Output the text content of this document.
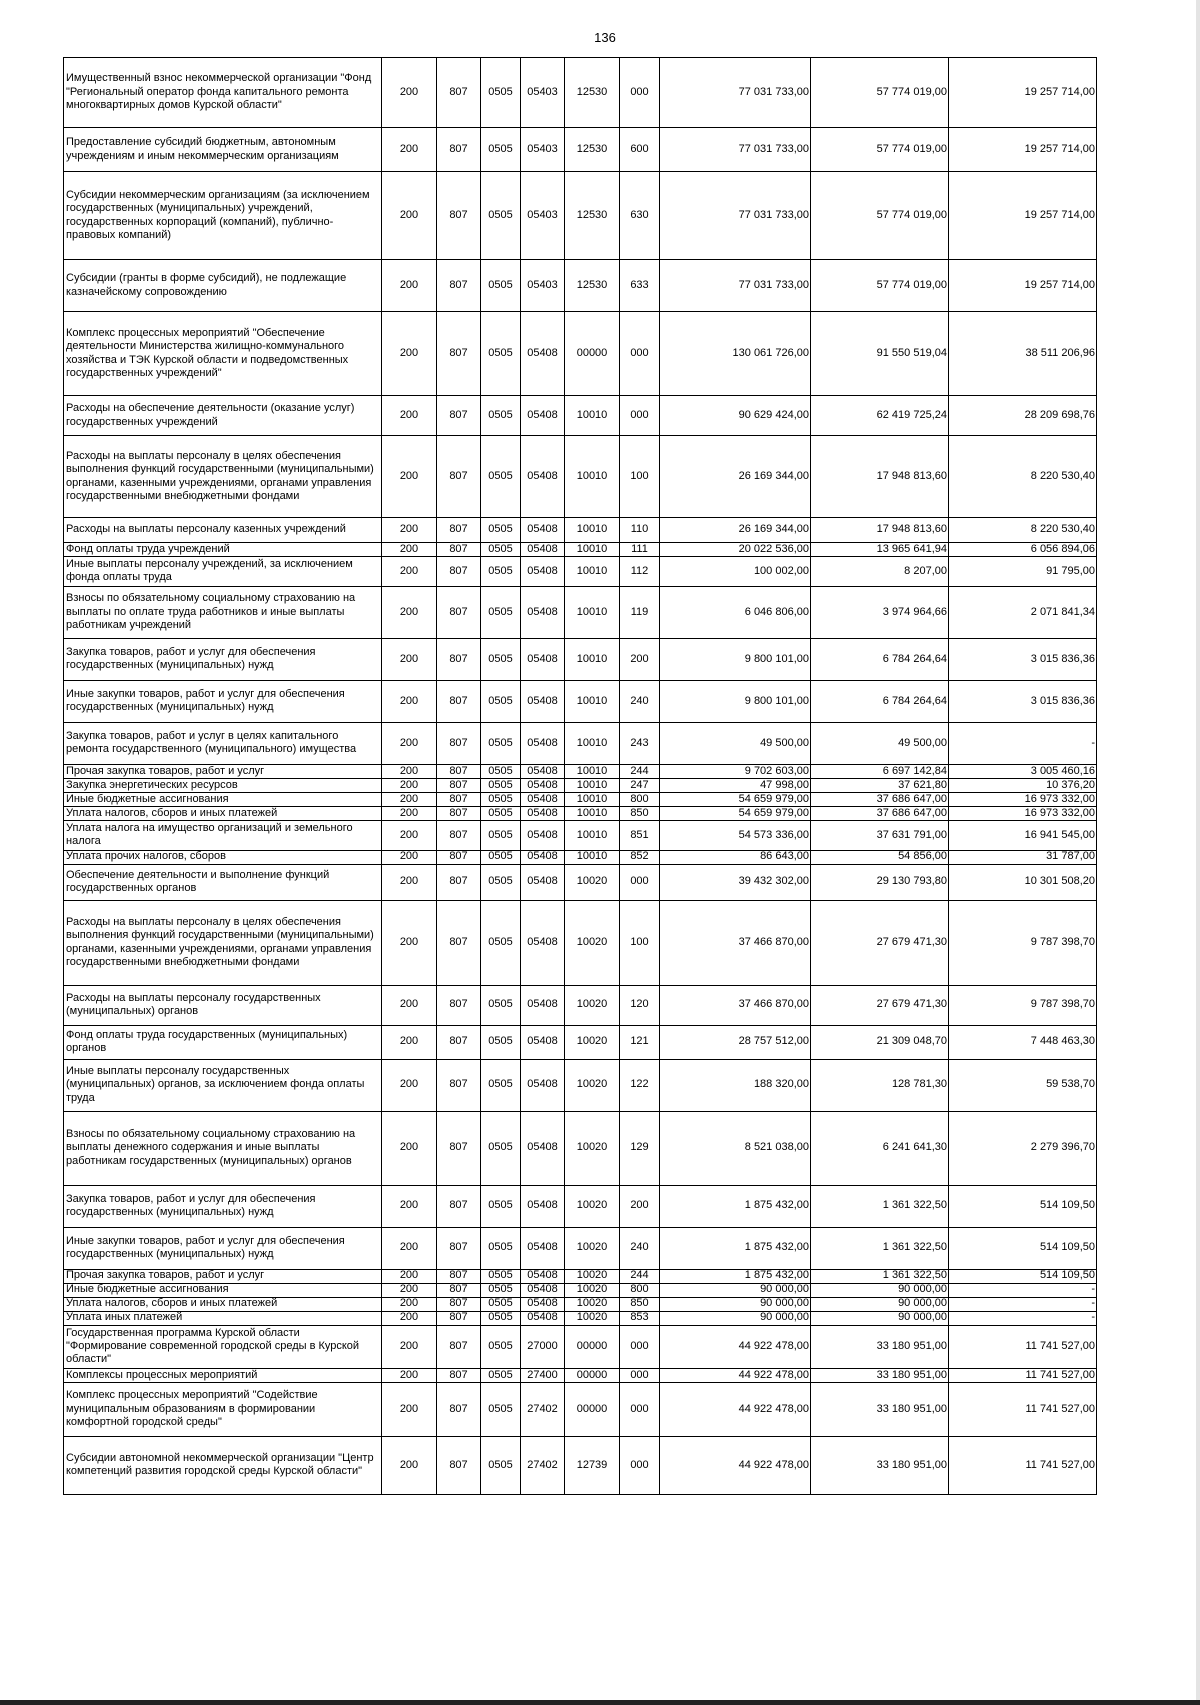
136
Имущественный взнос некоммерческой организации "Фонд "Региональный оператор фонда капитального ремонта многоквартирных домов Курской области"	200	807	0505	05403	12530	000	77 031 733,00	57 774 019,00	19 257 714,00
Предоставление субсидий бюджетным, автономным учреждениям и иным некоммерческим организациям	200	807	0505	05403	12530	600	77 031 733,00	57 774 019,00	19 257 714,00
Субсидии некоммерческим организациям (за исключением государственных (муниципальных) учреждений, государственных корпораций (компаний), публично-правовых компаний)	200	807	0505	05403	12530	630	77 031 733,00	57 774 019,00	19 257 714,00
Субсидии (гранты в форме субсидий), не подлежащие казначейскому сопровождению	200	807	0505	05403	12530	633	77 031 733,00	57 774 019,00	19 257 714,00
Комплекс процессных мероприятий "Обеспечение деятельности Министерства жилищно-коммунального хозяйства и ТЭК Курской области и подведомственных государственных учреждений"	200	807	0505	05408	00000	000	130 061 726,00	91 550 519,04	38 511 206,96
Расходы на обеспечение деятельности (оказание услуг) государственных учреждений	200	807	0505	05408	10010	000	90 629 424,00	62 419 725,24	28 209 698,76
Расходы на выплаты персоналу в целях обеспечения выполнения функций государственными (муниципальными) органами, казенными учреждениями, органами управления государственными внебюджетными фондами	200	807	0505	05408	10010	100	26 169 344,00	17 948 813,60	8 220 530,40
Расходы на выплаты персоналу казенных учреждений	200	807	0505	05408	10010	110	26 169 344,00	17 948 813,60	8 220 530,40
Фонд оплаты труда учреждений	200	807	0505	05408	10010	111	20 022 536,00	13 965 641,94	6 056 894,06
Иные выплаты персоналу учреждений, за исключением фонда оплаты труда	200	807	0505	05408	10010	112	100 002,00	8 207,00	91 795,00
Взносы по обязательному социальному страхованию на выплаты по оплате труда работников и иные выплаты работникам учреждений	200	807	0505	05408	10010	119	6 046 806,00	3 974 964,66	2 071 841,34
Закупка товаров, работ и услуг для обеспечения государственных (муниципальных) нужд	200	807	0505	05408	10010	200	9 800 101,00	6 784 264,64	3 015 836,36
Иные закупки товаров, работ и услуг для обеспечения государственных (муниципальных) нужд	200	807	0505	05408	10010	240	9 800 101,00	6 784 264,64	3 015 836,36
Закупка товаров, работ и услуг в целях капитального ремонта государственного (муниципального) имущества	200	807	0505	05408	10010	243	49 500,00	49 500,00	-
Прочая закупка товаров, работ и услуг	200	807	0505	05408	10010	244	9 702 603,00	6 697 142,84	3 005 460,16
Закупка энергетических ресурсов	200	807	0505	05408	10010	247	47 998,00	37 621,80	10 376,20
Иные бюджетные ассигнования	200	807	0505	05408	10010	800	54 659 979,00	37 686 647,00	16 973 332,00
Уплата налогов, сборов и иных платежей	200	807	0505	05408	10010	850	54 659 979,00	37 686 647,00	16 973 332,00
Уплата налога на имущество организаций и земельного налога	200	807	0505	05408	10010	851	54 573 336,00	37 631 791,00	16 941 545,00
Уплата прочих налогов, сборов	200	807	0505	05408	10010	852	86 643,00	54 856,00	31 787,00
Обеспечение деятельности и выполнение функций государственных органов	200	807	0505	05408	10020	000	39 432 302,00	29 130 793,80	10 301 508,20
Расходы на выплаты персоналу в целях обеспечения выполнения функций государственными (муниципальными) органами, казенными учреждениями, органами управления государственными внебюджетными фондами	200	807	0505	05408	10020	100	37 466 870,00	27 679 471,30	9 787 398,70
Расходы на выплаты персоналу государственных (муниципальных) органов	200	807	0505	05408	10020	120	37 466 870,00	27 679 471,30	9 787 398,70
Фонд оплаты труда государственных (муниципальных) органов	200	807	0505	05408	10020	121	28 757 512,00	21 309 048,70	7 448 463,30
Иные выплаты персоналу государственных (муниципальных) органов, за исключением фонда оплаты труда	200	807	0505	05408	10020	122	188 320,00	128 781,30	59 538,70
Взносы по обязательному социальному страхованию на выплаты денежного содержания и иные выплаты работникам государственных (муниципальных) органов	200	807	0505	05408	10020	129	8 521 038,00	6 241 641,30	2 279 396,70
Закупка товаров, работ и услуг для обеспечения государственных (муниципальных) нужд	200	807	0505	05408	10020	200	1 875 432,00	1 361 322,50	514 109,50
Иные закупки товаров, работ и услуг для обеспечения государственных (муниципальных) нужд	200	807	0505	05408	10020	240	1 875 432,00	1 361 322,50	514 109,50
Прочая закупка товаров, работ и услуг	200	807	0505	05408	10020	244	1 875 432,00	1 361 322,50	514 109,50
Иные бюджетные ассигнования	200	807	0505	05408	10020	800	90 000,00	90 000,00	-
Уплата налогов, сборов и иных платежей	200	807	0505	05408	10020	850	90 000,00	90 000,00	-
Уплата иных платежей	200	807	0505	05408	10020	853	90 000,00	90 000,00	-
Государственная программа Курской области "Формирование современной городской среды в Курской области"	200	807	0505	27000	00000	000	44 922 478,00	33 180 951,00	11 741 527,00
Комплексы процессных мероприятий	200	807	0505	27400	00000	000	44 922 478,00	33 180 951,00	11 741 527,00
Комплекс процессных мероприятий "Содействие муниципальным образованиям в формировании комфортной городской среды"	200	807	0505	27402	00000	000	44 922 478,00	33 180 951,00	11 741 527,00
Субсидии автономной некоммерческой организации "Центр компетенций развития городской среды Курской области"	200	807	0505	27402	12739	000	44 922 478,00	33 180 951,00	11 741 527,00
